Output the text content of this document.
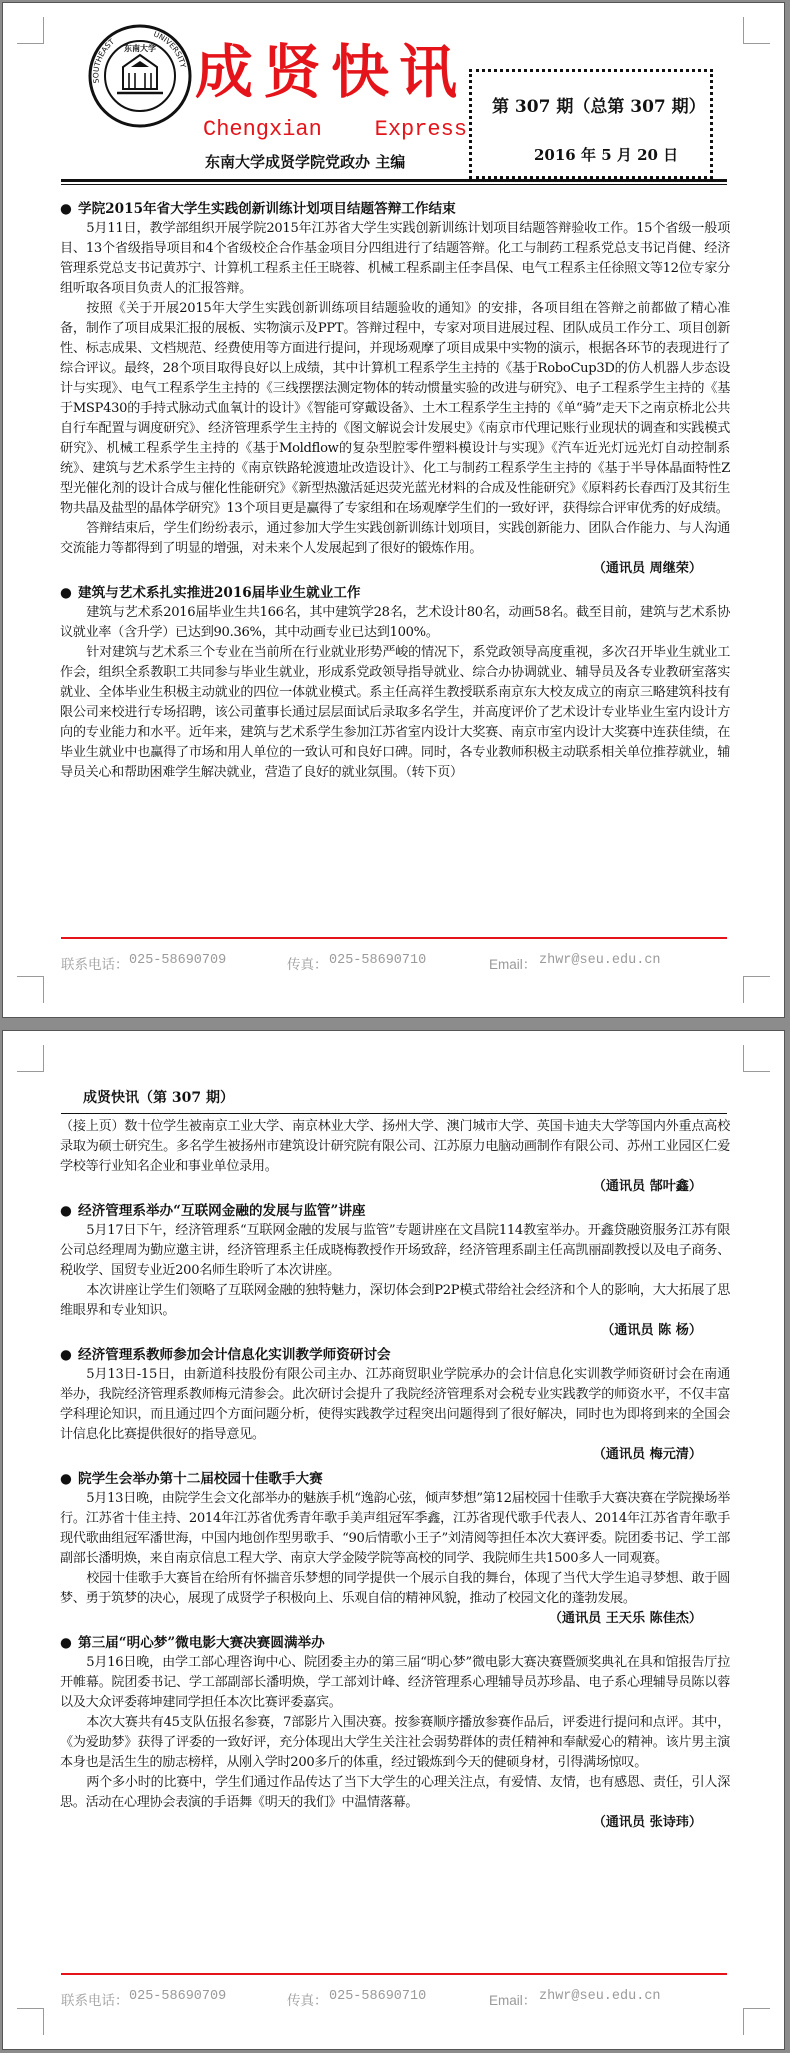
东南大学
SOUTHEAST
UNIVERSITY 成贤快讯
Chengxian    Express
东南大学成贤学院党政办 主编
第 307 期（总第 307 期）
2016 年 5 月 20 日
● 学院2015年省大学生实践创新训练计划项目结题答辩工作结束

5月11日，教学部组织开展学院2015年江苏省大学生实践创新训练计划项目结题答辩验收工作。15个省级一般项目、13个省级指导项目和4个省级校企合作基金项目分四组进行了结题答辩。化工与制药工程系党总支书记肖健、经济管理系党总支书记黄苏宁、计算机工程系主任王晓蓉、机械工程系副主任李昌保、电气工程系主任徐照文等12位专家分组听取各项目负责人的汇报答辩。

按照《关于开展2015年大学生实践创新训练项目结题验收的通知》的安排，各项目组在答辩之前都做了精心准备，制作了项目成果汇报的展板、实物演示及PPT。答辩过程中，专家对项目进展过程、团队成员工作分工、项目创新性、标志成果、文档规范、经费使用等方面进行提问，并现场观摩了项目成果中实物的演示，根据各环节的表现进行了综合评议。最终，28个项目取得良好以上成绩，其中计算机工程系学生主持的《基于RoboCup3D的仿人机器人步态设计与实现》、电气工程系学生主持的《三线摆摆法测定物体的转动惯量实验的改进与研究》、电子工程系学生主持的《基于MSP430的手持式脉动式血氧计的设计》《智能可穿戴设备》、土木工程系学生主持的《单“骑”走天下之南京桥北公共自行车配置与调度研究》、经济管理系学生主持的《图文解说会计发展史》《南京市代理记账行业现状的调查和实践模式研究》、机械工程系学生主持的《基于Moldflow的复杂型腔零件塑料模设计与实现》《汽车近光灯远光灯自动控制系统》、建筑与艺术系学生主持的《南京铁路轮渡遗址改造设计》、化工与制药工程系学生主持的《基于半导体晶面特性Z型光催化剂的设计合成与催化性能研究》《新型热激活延迟荧光蓝光材料的合成及性能研究》《原料药长春西汀及其衍生物共晶及盐型的晶体学研究》13个项目更是赢得了专家组和在场观摩学生们的一致好评，获得综合评审优秀的好成绩。

答辩结束后，学生们纷纷表示，通过参加大学生实践创新训练计划项目，实践创新能力、团队合作能力、与人沟通交流能力等都得到了明显的增强，对未来个人发展起到了很好的锻炼作用。

（通讯员 周继荣）
● 建筑与艺术系扎实推进2016届毕业生就业工作

建筑与艺术系2016届毕业生共166名，其中建筑学28名，艺术设计80名，动画58名。截至目前，建筑与艺术系协议就业率（含升学）已达到90.36%，其中动画专业已达到100%。

针对建筑与艺术系三个专业在当前所在行业就业形势严峻的情况下，系党政领导高度重视，多次召开毕业生就业工作会，组织全系教职工共同参与毕业生就业，形成系党政领导指导就业、综合办协调就业、辅导员及各专业教研室落实就业、全体毕业生积极主动就业的四位一体就业模式。系主任高祥生教授联系南京东大校友成立的南京三略建筑科技有限公司来校进行专场招聘，该公司董事长通过层层面试后录取多名学生，并高度评价了艺术设计专业毕业生室内设计方向的专业能力和水平。近年来，建筑与艺术系学生参加江苏省室内设计大奖赛、南京市室内设计大奖赛中连获佳绩，在毕业生就业中也赢得了市场和用人单位的一致认可和良好口碑。同时，各专业教师积极主动联系相关单位推荐就业，辅导员关心和帮助困难学生解决就业，营造了良好的就业氛围。（转下页）

联系电话： 025-58690709	传真： 025-58690710	Email： zhwr@seu.edu.cn
成贤快讯（第 307 期）

（接上页）数十位学生被南京工业大学、南京林业大学、扬州大学、澳门城市大学、英国卡迪夫大学等国内外重点高校录取为硕士研究生。多名学生被扬州市建筑设计研究院有限公司、江苏原力电脑动画制作有限公司、苏州工业园区仁爱学校等行业知名企业和事业单位录用。

（通讯员 郜叶鑫）
● 经济管理系举办“互联网金融的发展与监管”讲座

5月17日下午，经济管理系“互联网金融的发展与监管”专题讲座在文昌院114教室举办。开鑫贷融资服务江苏有限公司总经理周为勤应邀主讲，经济管理系主任成晓梅教授作开场致辞，经济管理系副主任高凯丽副教授以及电子商务、税收学、国贸专业近200名师生聆听了本次讲座。

本次讲座让学生们领略了互联网金融的独特魅力，深切体会到P2P模式带给社会经济和个人的影响，大大拓展了思维眼界和专业知识。

（通讯员 陈 杨）
● 经济管理系教师参加会计信息化实训教学师资研讨会

5月13日-15日，由新道科技股份有限公司主办、江苏商贸职业学院承办的会计信息化实训教学师资研讨会在南通举办，我院经济管理系教师梅元清参会。此次研讨会提升了我院经济管理系对会税专业实践教学的师资水平，不仅丰富学科理论知识，而且通过四个方面问题分析，使得实践教学过程突出问题得到了很好解决，同时也为即将到来的全国会计信息化比赛提供很好的指导意见。

（通讯员 梅元清）
● 院学生会举办第十二届校园十佳歌手大赛

5月13日晚，由院学生会文化部举办的魅族手机“逸韵心弦，倾声梦想”第12届校园十佳歌手大赛决赛在学院操场举行。江苏省十佳主持、2014年江苏省优秀青年歌手美声组冠军季鑫，江苏省现代歌手代表人、2014年江苏省青年歌手现代歌曲组冠军潘世海，中国内地创作型男歌手、“90后情歌小王子”刘清阅等担任本次大赛评委。院团委书记、学工部副部长潘明焕，来自南京信息工程大学、南京大学金陵学院等高校的同学、我院师生共1500多人一同观赛。

校园十佳歌手大赛旨在给所有怀揣音乐梦想的同学提供一个展示自我的舞台，体现了当代大学生追寻梦想、敢于圆梦、勇于筑梦的决心，展现了成贤学子积极向上、乐观自信的精神风貌，推动了校园文化的蓬勃发展。

（通讯员 王天乐 陈佳杰）
● 第三届“明心梦”微电影大赛决赛圆满举办

5月16日晚，由学工部心理咨询中心、院团委主办的第三届“明心梦”微电影大赛决赛暨颁奖典礼在具和馆报告厅拉开帷幕。院团委书记、学工部副部长潘明焕，学工部刘计峰、经济管理系心理辅导员苏珍晶、电子系心理辅导员陈以蓉以及大众评委蒋坤建同学担任本次比赛评委嘉宾。

本次大赛共有45支队伍报名参赛，7部影片入围决赛。按参赛顺序播放参赛作品后，评委进行提问和点评。其中，《为爱助梦》获得了评委的一致好评，充分体现出大学生关注社会弱势群体的责任精神和奉献爱心的精神。该片男主演本身也是活生生的励志榜样，从刚入学时200多斤的体重，经过锻炼到今天的健硕身材，引得满场惊叹。

两个多小时的比赛中，学生们通过作品传达了当下大学生的心理关注点，有爱情、友情，也有感恩、责任，引人深思。活动在心理协会表演的手语舞《明天的我们》中温情落幕。

（通讯员 张诗玮）
联系电话： 025-58690709	传真： 025-58690710	Email： zhwr@seu.edu.cn
